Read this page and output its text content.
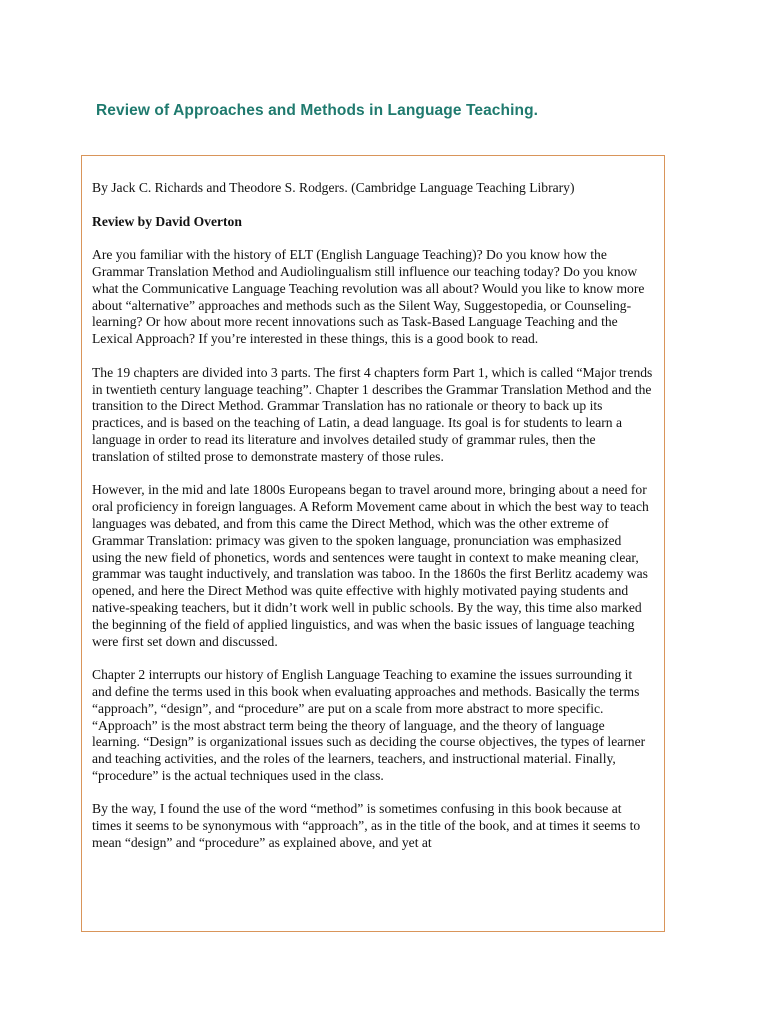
Review of Approaches and Methods in Language Teaching.

By Jack C. Richards and Theodore S. Rodgers. (Cambridge Language Teaching Library)

Review by David Overton

Are you familiar with the history of ELT (English Language Teaching)? Do you know how the Grammar Translation Method and Audiolingualism still influence our teaching today? Do you know what the Communicative Language Teaching revolution was all about? Would you like to know more about “alternative” approaches and methods such as the Silent Way, Suggestopedia, or Counseling-learning? Or how about more recent innovations such as Task-Based Language Teaching and the Lexical Approach? If you’re interested in these things, this is a good book to read.

The 19 chapters are divided into 3 parts. The first 4 chapters form Part 1, which is called “Major trends in twentieth century language teaching”. Chapter 1 describes the Grammar Translation Method and the transition to the Direct Method. Grammar Translation has no rationale or theory to back up its practices, and is based on the teaching of Latin, a dead language. Its goal is for students to learn a language in order to read its literature and involves detailed study of grammar rules, then the translation of stilted prose to demonstrate mastery of those rules.

However, in the mid and late 1800s Europeans began to travel around more, bringing about a need for oral proficiency in foreign languages. A Reform Movement came about in which the best way to teach languages was debated, and from this came the Direct Method, which was the other extreme of Grammar Translation: primacy was given to the spoken language, pronunciation was emphasized using the new field of phonetics, words and sentences were taught in context to make meaning clear, grammar was taught inductively, and translation was taboo. In the 1860s the first Berlitz academy was opened, and here the Direct Method was quite effective with highly motivated paying students and native-speaking teachers, but it didn’t work well in public schools. By the way, this time also marked the beginning of the field of applied linguistics, and was when the basic issues of language teaching were first set down and discussed.

Chapter 2 interrupts our history of English Language Teaching to examine the issues surrounding it and define the terms used in this book when evaluating approaches and methods. Basically the terms “approach”, “design”, and “procedure” are put on a scale from more abstract to more specific. “Approach” is the most abstract term being the theory of language, and the theory of language learning. “Design” is organizational issues such as deciding the course objectives, the types of learner and teaching activities, and the roles of the learners, teachers, and instructional material. Finally, “procedure” is the actual techniques used in the class.

By the way, I found the use of the word “method” is sometimes confusing in this book because at times it seems to be synonymous with “approach”, as in the title of the book, and at times it seems to mean “design” and “procedure” as explained above, and yet at
